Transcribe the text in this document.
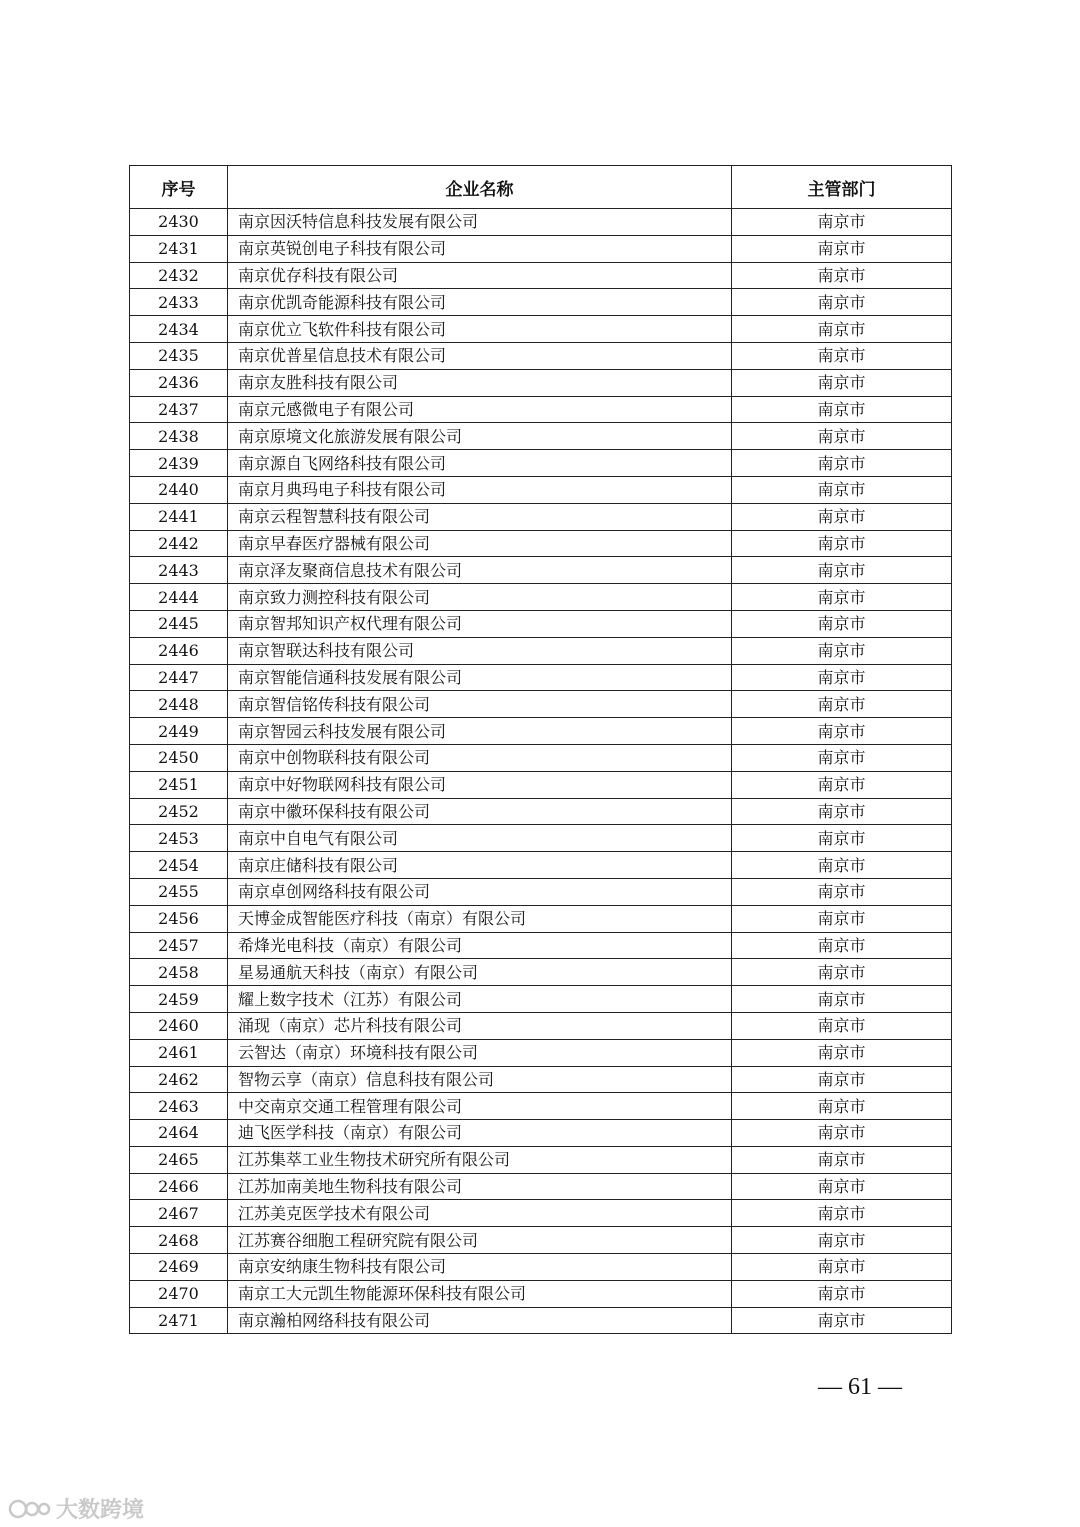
序号	企业名称	主管部门
2430	南京因沃特信息科技发展有限公司	南京市
2431	南京英锐创电子科技有限公司	南京市
2432	南京优存科技有限公司	南京市
2433	南京优凯奇能源科技有限公司	南京市
2434	南京优立飞软件科技有限公司	南京市
2435	南京优普星信息技术有限公司	南京市
2436	南京友胜科技有限公司	南京市
2437	南京元感微电子有限公司	南京市
2438	南京原境文化旅游发展有限公司	南京市
2439	南京源自飞网络科技有限公司	南京市
2440	南京月典玛电子科技有限公司	南京市
2441	南京云程智慧科技有限公司	南京市
2442	南京早春医疗器械有限公司	南京市
2443	南京泽友聚商信息技术有限公司	南京市
2444	南京致力测控科技有限公司	南京市
2445	南京智邦知识产权代理有限公司	南京市
2446	南京智联达科技有限公司	南京市
2447	南京智能信通科技发展有限公司	南京市
2448	南京智信铭传科技有限公司	南京市
2449	南京智园云科技发展有限公司	南京市
2450	南京中创物联科技有限公司	南京市
2451	南京中好物联网科技有限公司	南京市
2452	南京中徽环保科技有限公司	南京市
2453	南京中自电气有限公司	南京市
2454	南京庄储科技有限公司	南京市
2455	南京卓创网络科技有限公司	南京市
2456	天博金成智能医疗科技（南京）有限公司	南京市
2457	希烽光电科技（南京）有限公司	南京市
2458	星易通航天科技（南京）有限公司	南京市
2459	耀上数字技术（江苏）有限公司	南京市
2460	涌现（南京）芯片科技有限公司	南京市
2461	云智达（南京）环境科技有限公司	南京市
2462	智物云享（南京）信息科技有限公司	南京市
2463	中交南京交通工程管理有限公司	南京市
2464	迪飞医学科技（南京）有限公司	南京市
2465	江苏集萃工业生物技术研究所有限公司	南京市
2466	江苏加南美地生物科技有限公司	南京市
2467	江苏美克医学技术有限公司	南京市
2468	江苏赛谷细胞工程研究院有限公司	南京市
2469	南京安纳康生物科技有限公司	南京市
2470	南京工大元凯生物能源环保科技有限公司	南京市
2471	南京瀚柏网络科技有限公司	南京市
— 61 —
大数跨境
